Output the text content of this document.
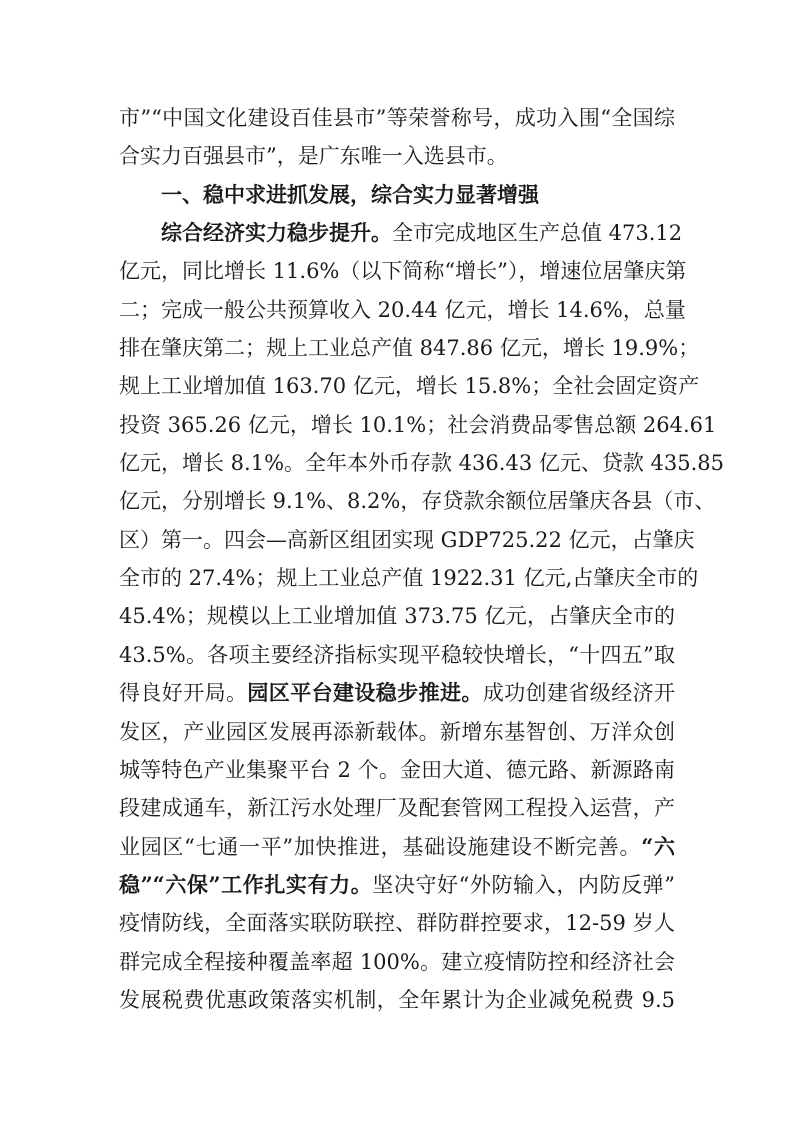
市”“中国文化建设百佳县市”等荣誉称号，成功入围“全国综
合实力百强县市”，是广东唯一入选县市。
一、稳中求进抓发展，综合实力显著增强
综合经济实力稳步提升。全市完成地区生产总值 473.12
亿元，同比增长 11.6%（以下简称“增长”），增速位居肇庆第
二；完成一般公共预算收入 20.44 亿元，增长 14.6%，总量
排在肇庆第二；规上工业总产值 847.86 亿元，增长 19.9%；
规上工业增加值 163.70 亿元，增长 15.8%；全社会固定资产
投资 365.26 亿元，增长 10.1%；社会消费品零售总额 264.61
亿元，增长 8.1%。全年本外币存款 436.43 亿元、贷款 435.85
亿元，分别增长 9.1%、8.2%，存贷款余额位居肇庆各县（市、
区）第一。四会—高新区组团实现 GDP725.22 亿元，占肇庆
全市的 27.4%；规上工业总产值 1922.31 亿元,占肇庆全市的
45.4%；规模以上工业增加值 373.75 亿元，占肇庆全市的
43.5%。各项主要经济指标实现平稳较快增长，“十四五”取
得良好开局。园区平台建设稳步推进。成功创建省级经济开
发区，产业园区发展再添新载体。新增东基智创、万洋众创
城等特色产业集聚平台 2 个。金田大道、德元路、新源路南
段建成通车，新江污水处理厂及配套管网工程投入运营，产
业园区“七通一平”加快推进，基础设施建设不断完善。“六
稳”“六保”工作扎实有力。坚决守好“外防输入，内防反弹”
疫情防线，全面落实联防联控、群防群控要求，12-59 岁人
群完成全程接种覆盖率超 100%。建立疫情防控和经济社会
发展税费优惠政策落实机制，全年累计为企业减免税费 9.5
